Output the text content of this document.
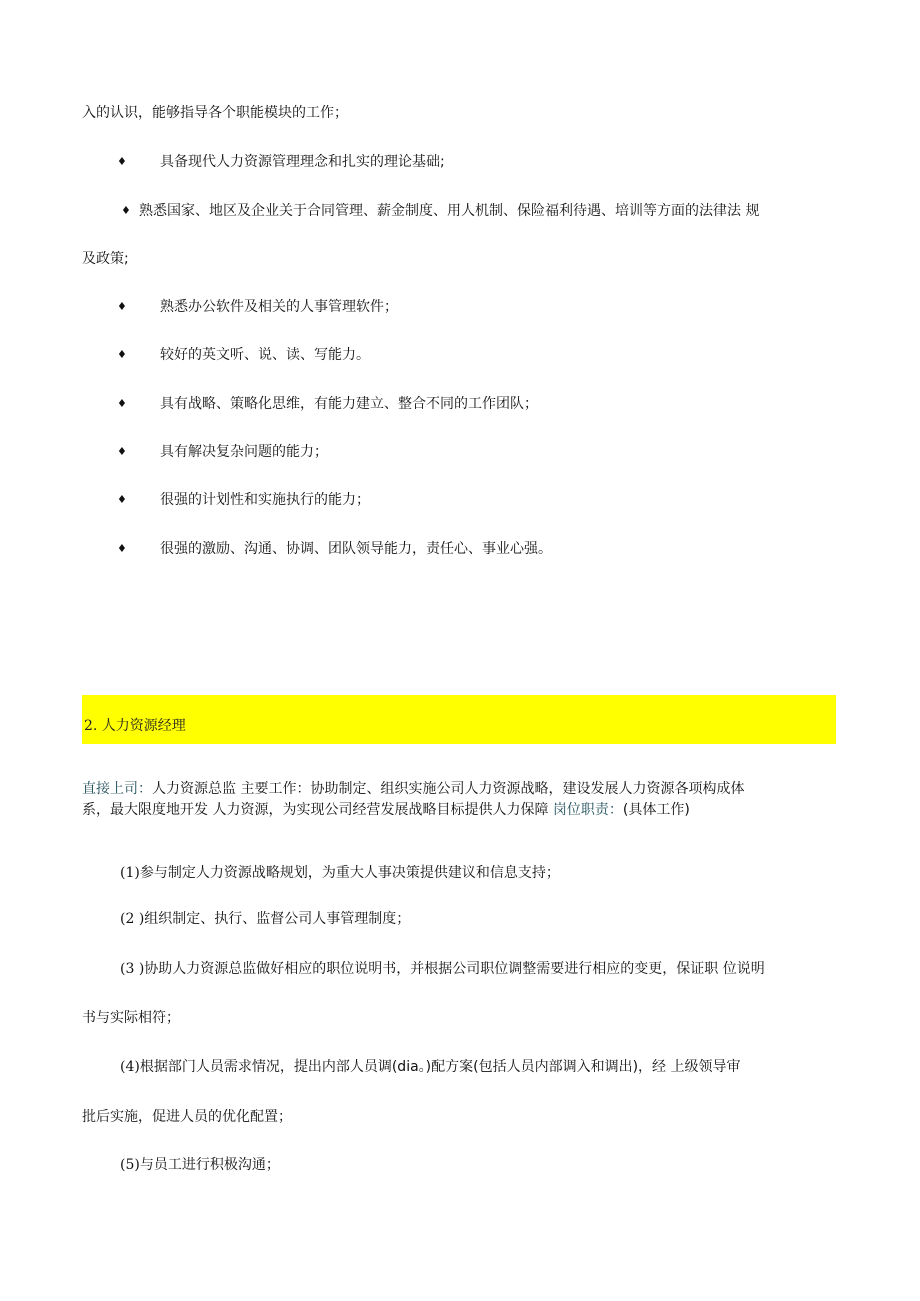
入的认识，能够指导各个职能模块的工作；
♦ 具备现代人力资源管理理念和扎实的理论基础;
♦ 熟悉国家、地区及企业关于合同管理、薪金制度、用人机制、保险福利待遇、培训等方面的法律法 规
及政策;
♦ 熟悉办公软件及相关的人事管理软件；
♦ 较好的英文听、说、读、写能力。
♦ 具有战略、策略化思维，有能力建立、整合不同的工作团队；
♦ 具有解决复杂问题的能力；
♦ 很强的计划性和实施执行的能力；
♦ 很强的激励、沟通、协调、团队领导能力，责任心、事业心强。
2. 人力资源经理
直接上司：人力资源总监 主要工作：协助制定、组织实施公司人力资源战略，建设发展人力资源各项构成体
系，最大限度地开发 人力资源，为实现公司经营发展战略目标提供人力保障 岗位职责：(具体工作)
(1)参与制定人力资源战略规划，为重大人事决策提供建议和信息支持；
(2 )组织制定、执行、监督公司人事管理制度；
(3 )协助人力资源总监做好相应的职位说明书，并根据公司职位调整需要进行相应的变更，保证职 位说明
书与实际相符；
(4)根据部门人员需求情况，提出内部人员调(dia。)配方案(包括人员内部调入和调出)，经 上级领导审
批后实施，促进人员的优化配置；
(5)与员工进行积极沟通；
